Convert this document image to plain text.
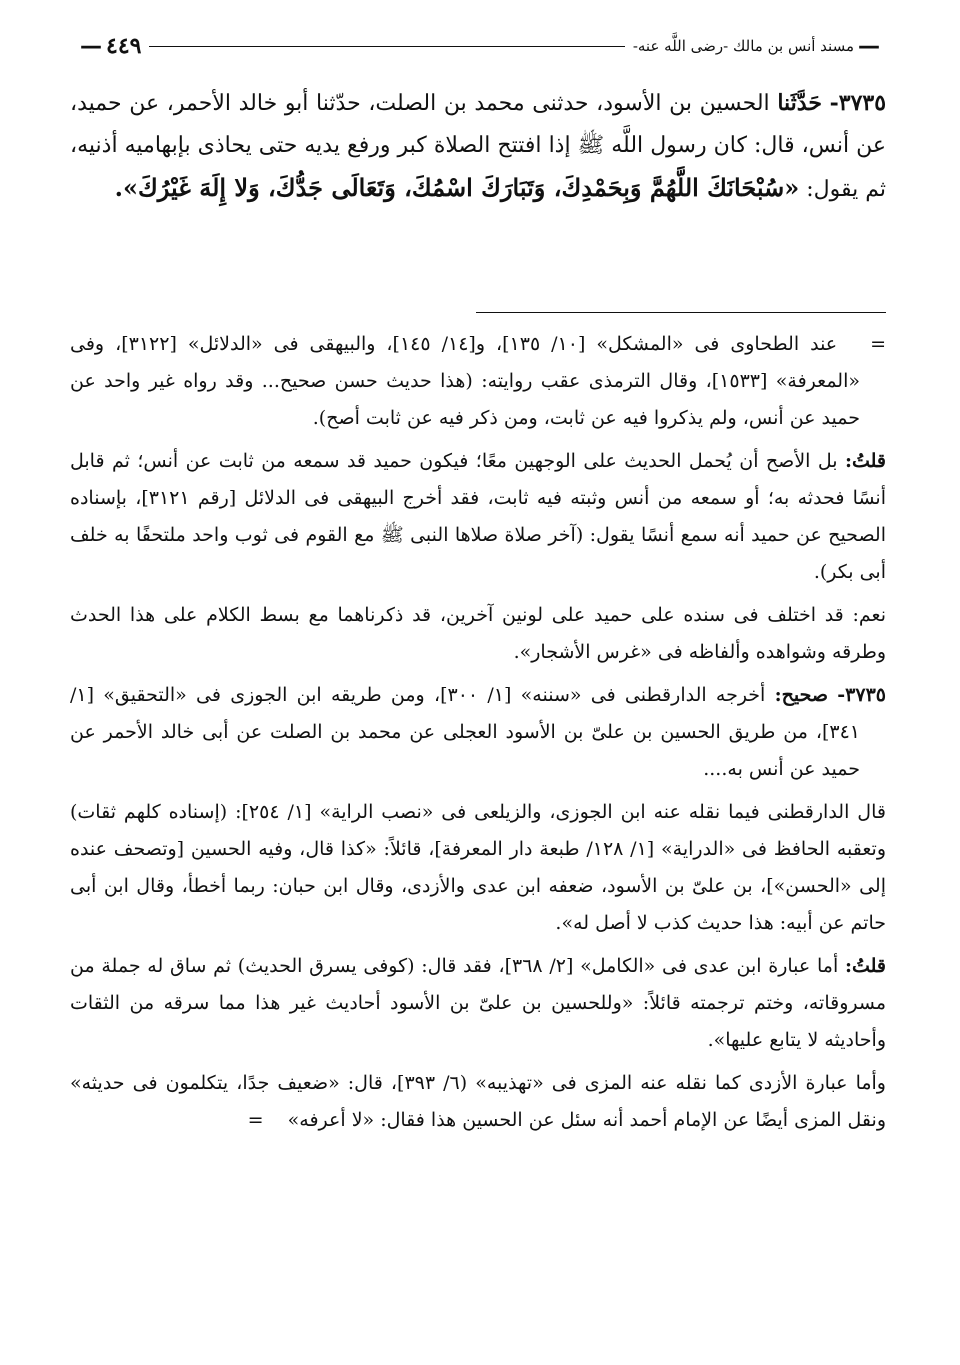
—
مسند أنس بن مالك -رضى اللَّه عنه-
٤٤٩
—
٣٧٣٥- حَدَّثَنا الحسين بن الأسود، حدثنى محمد بن الصلت، حدّثنا أبو خالد الأحمر، عن حميد، عن أنس، قال: كان رسول اللَّه ﷺ إذا افتتح الصلاة كبر ورفع يديه حتى يحاذى بإبهاميه أذنيه، ثم يقول: «سُبْحَانَكَ اللَّهُمَّ وَبِحَمْدِكَ، وَتَبَارَكَ اسْمُكَ، وَتَعَالَى جَدُّكَ، وَلا إِلَهَ غَيْرُكَ».

=   عند الطحاوى فى «المشكل» [١٠/ ١٣٥]، و[١٤/ ١٤٥]، والبيهقى فى «الدلائل» [٣١٢٢]، وفى «المعرفة» [١٥٣٣]، وقال الترمذى عقب روايته: (هذا حديث حسن صحيح... وقد رواه غير واحد عن حميد عن أنس، ولم يذكروا فيه عن ثابت، ومن ذكر فيه عن ثابت أصح).

قلتُ: بل الأصح أن يُحمل الحديث على الوجهين معًا؛ فيكون حميد قد سمعه من ثابت عن أنس؛ ثم قابل أنسًا فحدثه به؛ أو سمعه من أنس وثبته فيه ثابت، فقد أخرج البيهقى فى الدلائل [رقم ٣١٢١]، بإسناده الصحيح عن حميد أنه سمع أنسًا يقول: (آخر صلاة صلاها النبى ﷺ مع القوم فى ثوب واحد ملتحفًا به خلف أبى بكر).

نعم: قد اختلف فى سنده على حميد على لونين آخرين، قد ذكرناهما مع بسط الكلام على هذا الحدث وطرقه وشواهده وألفاظه فى «غرس الأشجار».

٣٧٣٥- صحيح: أخرجه الدارقطنى فى «سننه» [١/ ٣٠٠]، ومن طريقه ابن الجوزى فى «التحقيق» [١/ ٣٤١]، من طريق الحسين بن علىّ بن الأسود العجلى عن محمد بن الصلت عن أبى خالد الأحمر عن حميد عن أنس به....

قال الدارقطنى فيما نقله عنه ابن الجوزى، والزيلعى فى «نصب الراية» [١/ ٢٥٤]: (إسناده كلهم ثقات) وتعقبه الحافظ فى «الدراية» [١/ ١٢٨/ طبعة دار المعرفة]، قائلاً: «كذا قال، وفيه الحسين [وتصحف عنده إلى «الحسن»]، بن علىّ بن الأسود، ضعفه ابن عدى والأزدى، وقال ابن حبان: ربما أخطأ، وقال ابن أبى حاتم عن أبيه: هذا حديث كذب لا أصل له».

قلتُ: أما عبارة ابن عدى فى «الكامل» [٢/ ٣٦٨]، فقد قال: (كوفى يسرق الحديث) ثم ساق له جملة من مسروقاته، وختم ترجمته قائلاً: «وللحسين بن علىّ بن الأسود أحاديث غير هذا مما سرقه من الثقات وأحاديثه لا يتابع عليها».

وأما عبارة الأزدى كما نقله عنه المزى فى «تهذيبه» (٦/ ٣٩٣]، قال: «ضعيف جدًا، يتكلمون فى حديثه» ونقل المزى أيضًا عن الإمام أحمد أنه سئل عن الحسين هذا فقال: «لا أعرفه»    =
